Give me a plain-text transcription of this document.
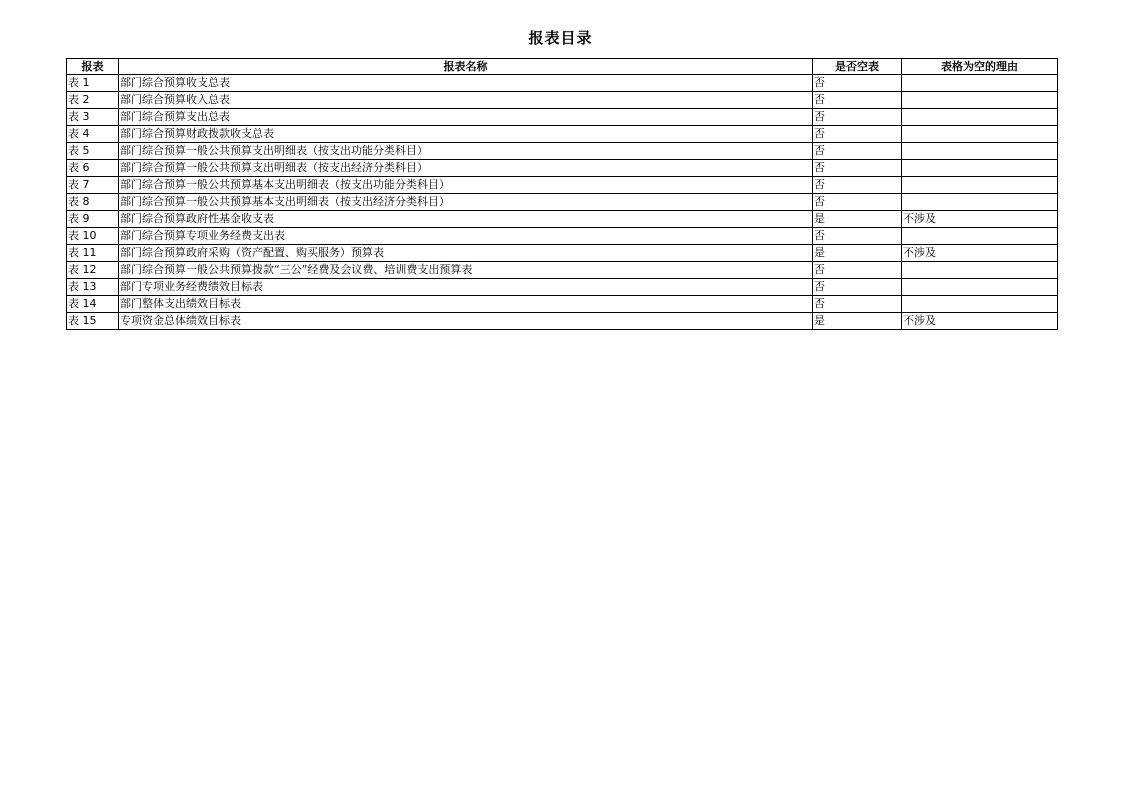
报表目录
报表	报表名称	是否空表	表格为空的理由
表 1	部门综合预算收支总表	否	
表 2	部门综合预算收入总表	否	
表 3	部门综合预算支出总表	否	
表 4	部门综合预算财政拨款收支总表	否	
表 5	部门综合预算一般公共预算支出明细表（按支出功能分类科目）	否	
表 6	部门综合预算一般公共预算支出明细表（按支出经济分类科目）	否	
表 7	部门综合预算一般公共预算基本支出明细表（按支出功能分类科目）	否	
表 8	部门综合预算一般公共预算基本支出明细表（按支出经济分类科目）	否	
表 9	部门综合预算政府性基金收支表	是	不涉及
表 10	部门综合预算专项业务经费支出表	否	
表 11	部门综合预算政府采购（资产配置、购买服务）预算表	是	不涉及
表 12	部门综合预算一般公共预算拨款“三公”经费及会议费、培训费支出预算表	否	
表 13	部门专项业务经费绩效目标表	否	
表 14	部门整体支出绩效目标表	否	
表 15	专项资金总体绩效目标表	是	不涉及
